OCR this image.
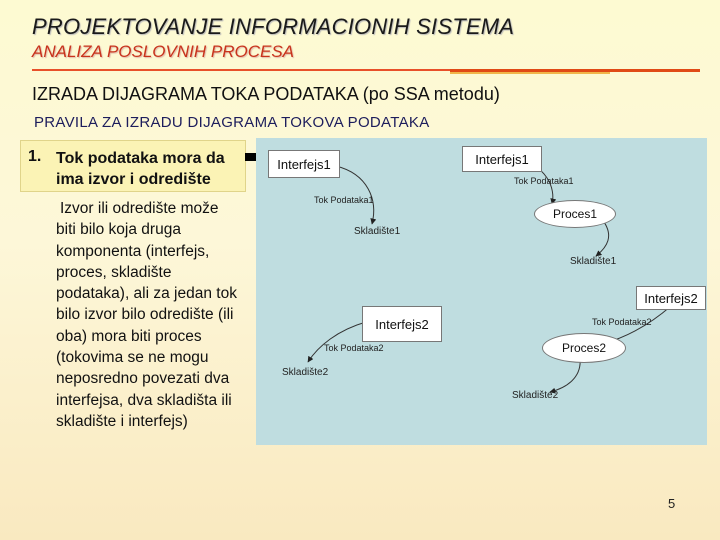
PROJEKTOVANJE INFORMACIONIH SISTEMA
ANALIZA POSLOVNIH PROCESA
IZRADA DIJAGRAMA TOKA PODATAKA (po SSA metodu)
PRAVILA ZA IZRADU DIJAGRAMA TOKOVA PODATAKA
1. Tok podataka mora da
ima izvor i odredište
Izvor ili odredište može
biti bilo koja druga
komponenta (interfejs,
proces, skladište
podataka), ali za jedan tok
bilo izvor bilo odredište (ili
oba) mora biti proces
(tokovima se ne mogu
neposredno povezati dva
interfejsa, dva skladišta ili
skladište i interfejs)
Interfejs1
Tok Podataka1
Skladište1
Interfejs1
Tok Podataka1
Proces1
Skladište1
Interfejs2
Tok Podataka2
Proces2
Skladište2
Interfejs2
Tok Podataka2
Skladište2
5
